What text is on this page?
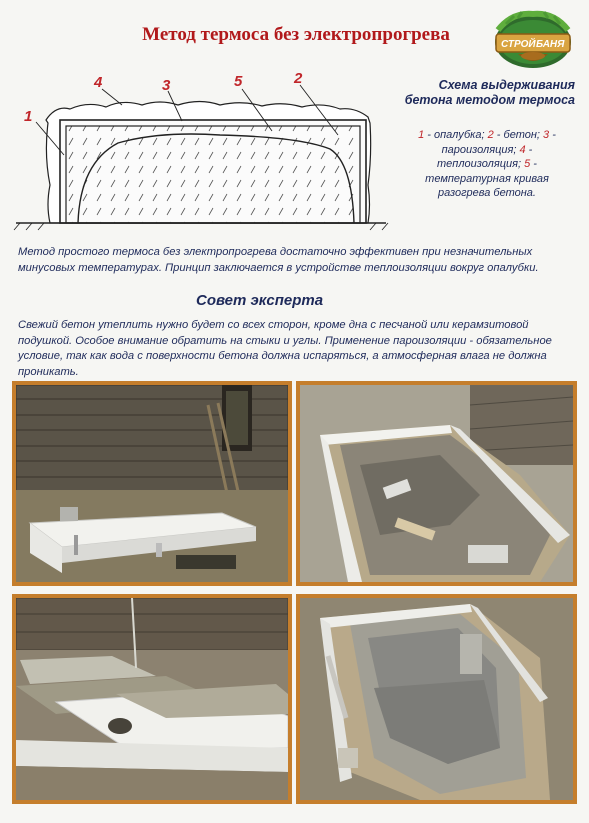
Метод термоса без электропрогрева	СТРОЙ БАНЯ
1
4	3	5	2	Схема выдерживания
бетона методом термоса
1 - опалубка; 2 - бетон; 3 - пароизоляция; 4 - теплоизоляция; 5 - температурная кривая разогрева бетона.
Метод простого термоса без электропрогрева достаточно эффективен при незначительных минусовых температурах. Принцип заключается в устройстве теплоизоляции вокруг опалубки.
Совет эксперта
Свежий бетон утеплить нужно будет со всех сторон, кроме дна с песчаной или керамзитовой подушкой. Особое внимание обратить на стыки и углы. Применение пароизоляции - обязательное условие, так как вода с поверхности бетона должна испаряться, а атмосферная влага не должна проникать.
